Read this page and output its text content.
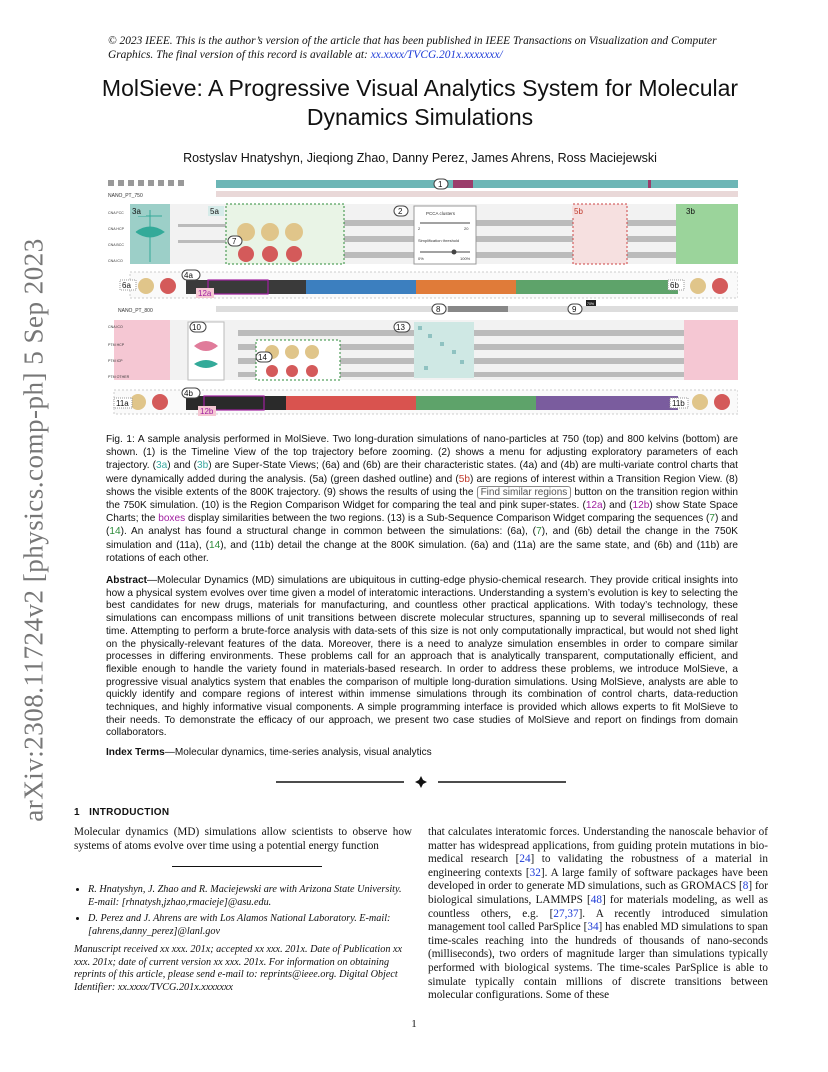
arXiv:2308.11724v2 [physics.comp-ph] 5 Sep 2023
© 2023 IEEE. This is the author’s version of the article that has been published in IEEE Transactions on Visualization and Computer Graphics. The final version of this record is available at: xx.xxxx/TVCG.201x.xxxxxxx/
MolSieve: A Progressive Visual Analytics System for Molecular Dynamics Simulations
Rostyslav Hnatyshyn, Jieqiong Zhao, Danny Perez, James Ahrens, Ross Maciejewski
NANO_PT_750
PCCA clusters
2	20
Simplification threshold
0%	100%
NANO_PT_800
70%
CNA FCC
CNA HCP
CNA BCC
CNA ICO
CNA ICO
PTM HCP
PTM ICP
PTM OTHER
1
2
3a	3b
4a
4b
5a	5b
6a	6b
7
8	9
10
11a	11b
12a
12b
13
14
Fig. 1: A sample analysis performed in MolSieve. Two long-duration simulations of nano-particles at 750 (top) and 800 kelvins (bottom) are shown. (1) is the Timeline View of the top trajectory before zooming. (2) shows a menu for adjusting exploratory parameters of each trajectory. (3a) and (3b) are Super-State Views; (6a) and (6b) are their characteristic states. (4a) and (4b) are multi-variate control charts that were dynamically added during the analysis. (5a) (green dashed outline) and (5b) are regions of interest within a Transition Region View. (8) shows the visible extents of the 800K trajectory. (9) shows the results of using the Find similar regions button on the transition region within the 750K simulation. (10) is the Region Comparison Widget for comparing the teal and pink super-states. (12a) and (12b) show State Space Charts; the boxes display similarities between the two regions. (13) is a Sub-Sequence Comparison Widget comparing the sequences (7) and (14). An analyst has found a structural change in common between the simulations: (6a), (7), and (6b) detail the change in the 750K simulation and (11a), (14), and (11b) detail the change at the 800K simulation. (6a) and (11a) are the same state, and (6b) and (11b) are rotations of each other.
Abstract—Molecular Dynamics (MD) simulations are ubiquitous in cutting-edge physio-chemical research. They provide critical insights into how a physical system evolves over time given a model of interatomic interactions. Understanding a system’s evolution is key to selecting the best candidates for new drugs, materials for manufacturing, and countless other practical applications. With today’s technology, these simulations can encompass millions of unit transitions between discrete molecular structures, spanning up to several milliseconds of real time. Attempting to perform a brute-force analysis with data-sets of this size is not only computationally impractical, but would not shed light on the physically-relevant features of the data. Moreover, there is a need to analyze simulation ensembles in order to compare similar processes in differing environments. These problems call for an approach that is analytically transparent, computationally efficient, and flexible enough to handle the variety found in materials-based research. In order to address these problems, we introduce MolSieve, a progressive visual analytics system that enables the comparison of multiple long-duration simulations. Using MolSieve, analysts are able to quickly identify and compare regions of interest within immense simulations through its combination of control charts, data-reduction techniques, and highly informative visual components. A simple programming interface is provided which allows experts to fit MolSieve to their needs. To demonstrate the efficacy of our approach, we present two case studies of MolSieve and report on findings from domain collaborators.
Index Terms—Molecular dynamics, time-series analysis, visual analytics
1 INTRODUCTION
Molecular dynamics (MD) simulations allow scientists to observe how systems of atoms evolve over time using a potential energy function
• R. Hnatyshyn, J. Zhao and R. Maciejewski are with Arizona State University. E-mail: [rhnatysh,jzhao,rmacieje]@asu.edu.
• D. Perez and J. Ahrens are with Los Alamos National Laboratory. E-mail: [ahrens,danny_perez]@lanl.gov
Manuscript received xx xxx. 201x; accepted xx xxx. 201x. Date of Publication xx xxx. 201x; date of current version xx xxx. 201x. For information on obtaining reprints of this article, please send e-mail to: reprints@ieee.org. Digital Object Identifier: xx.xxxx/TVCG.201x.xxxxxxx
that calculates interatomic forces. Understanding the nanoscale behavior of matter has widespread applications, from guiding protein mutations in bio-medical research [24] to validating the robustness of a material in engineering contexts [32]. A large family of software packages have been developed in order to generate MD simulations, such as GROMACS [8] for biological simulations, LAMMPS [48] for materials modeling, as well as countless others, e.g. [27,37]. A recently introduced simulation management tool called ParSplice [34] has enabled MD simulations to span time-scales reaching into the hundreds of thousands of nano-seconds (milliseconds), two orders of magnitude larger than simulations typically performed with biological systems. The time-scales ParSplice is able to simulate typically contain millions of discrete transitions between molecular configurations. Some of these
1
